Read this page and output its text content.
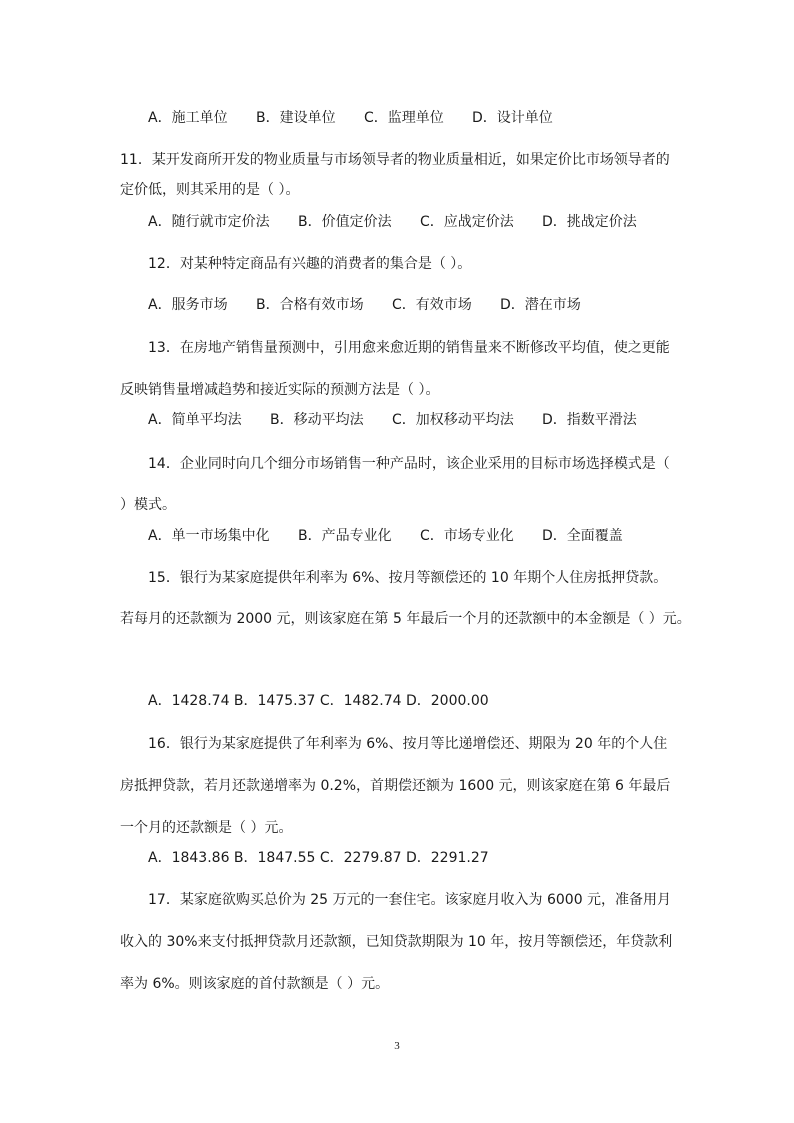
A．施工单位 B．建设单位 C．监理单位 D．设计单位
11．某开发商所开发的物业质量与市场领导者的物业质量相近，如果定价比市场领导者的
定价低，则其采用的是（ ）。
A．随行就市定价法 B．价值定价法 C．应战定价法 D．挑战定价法
12．对某种特定商品有兴趣的消费者的集合是（ ）。
A．服务市场 B．合格有效市场 C．有效市场 D．潜在市场
13．在房地产销售量预测中，引用愈来愈近期的销售量来不断修改平均值，使之更能
反映销售量增减趋势和接近实际的预测方法是（ ）。
A．简单平均法 B．移动平均法 C．加权移动平均法 D．指数平滑法
14．企业同时向几个细分市场销售一种产品时，该企业采用的目标市场选择模式是（
）模式。
A．单一市场集中化 B．产品专业化 C．市场专业化 D．全面覆盖
15．银行为某家庭提供年利率为 6%、按月等额偿还的 10 年期个人住房抵押贷款。
若每月的还款额为 2000 元，则该家庭在第 5 年最后一个月的还款额中的本金额是（ ）元。
A．1428.74 B．1475.37 C．1482.74 D．2000.00
16．银行为某家庭提供了年利率为 6%、按月等比递增偿还、期限为 20 年的个人住
房抵押贷款，若月还款递增率为 0.2%，首期偿还额为 1600 元，则该家庭在第 6 年最后
一个月的还款额是（ ）元。
A．1843.86 B．1847.55 C．2279.87 D．2291.27
17．某家庭欲购买总价为 25 万元的一套住宅。该家庭月收入为 6000 元，准备用月
收入的 30%来支付抵押贷款月还款额，已知贷款期限为 10 年，按月等额偿还，年贷款利
率为 6%。则该家庭的首付款额是（ ）元。
3
